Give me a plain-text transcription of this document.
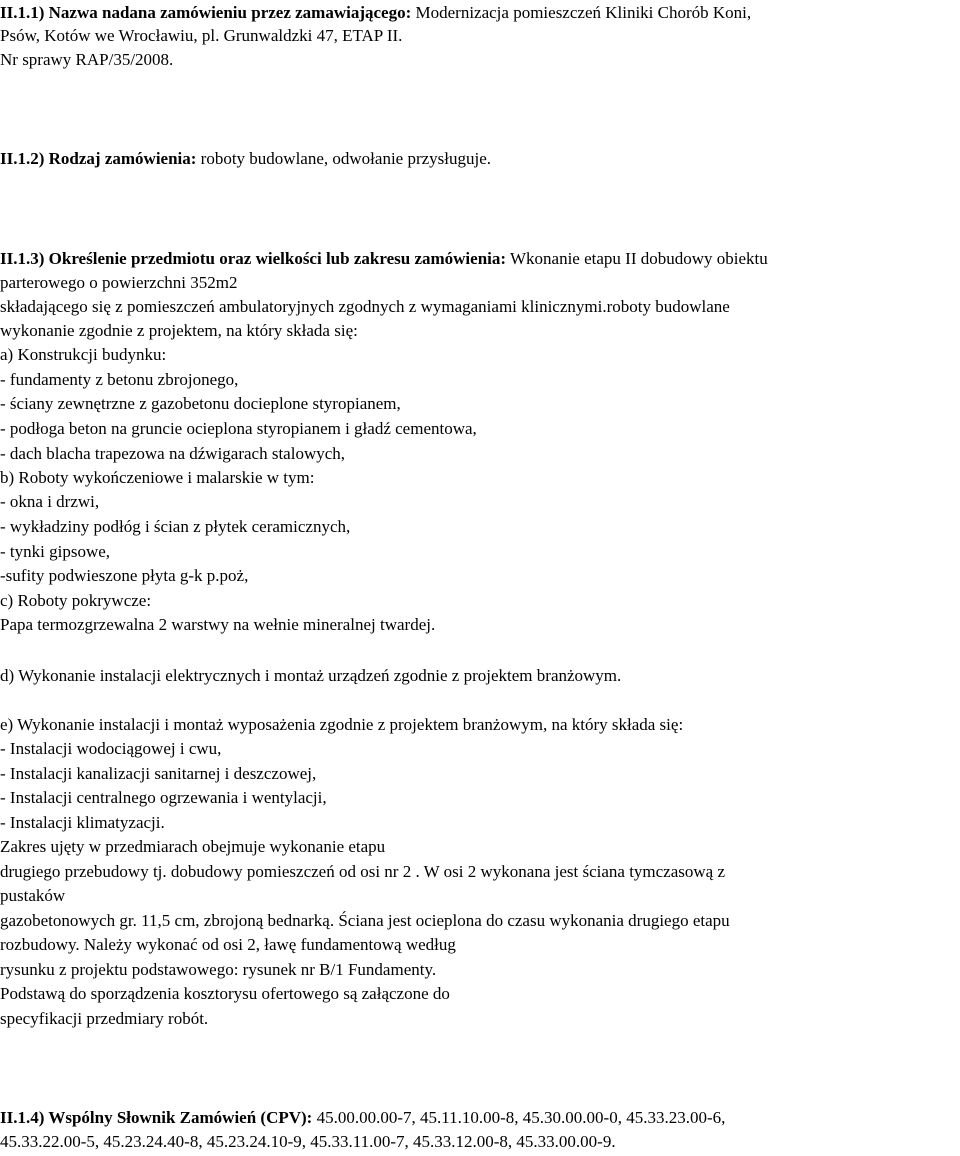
II.1.1) Nazwa nadana zamówieniu przez zamawiającego: Modernizacja pomieszczeń Kliniki Chorób Koni,
Psów, Kotów we Wrocławiu, pl. Grunwaldzki 47, ETAP II.
Nr sprawy RAP/35/2008.
II.1.2) Rodzaj zamówienia: roboty budowlane, odwołanie przysługuje.
II.1.3) Określenie przedmiotu oraz wielkości lub zakresu zamówienia: Wkonanie etapu II dobudowy obiektu
parterowego o powierzchni 352m2
składającego się z pomieszczeń ambulatoryjnych zgodnych z wymaganiami klinicznymi.roboty budowlane
wykonanie zgodnie z projektem, na który składa się:
a) Konstrukcji budynku:
- fundamenty z betonu zbrojonego,
- ściany zewnętrzne z gazobetonu docieplone styropianem,
- podłoga beton na gruncie ocieplona styropianem i gładź cementowa,
- dach blacha trapezowa na dźwigarach stalowych,
b) Roboty wykończeniowe i malarskie w tym:
- okna i drzwi,
- wykładziny podłóg i ścian z płytek ceramicznych,
- tynki gipsowe,
-sufity podwieszone płyta g-k p.poż,
c) Roboty pokrywcze:
Papa termozgrzewalna 2 warstwy na wełnie mineralnej twardej.
d) Wykonanie instalacji elektrycznych i montaż urządzeń zgodnie z projektem branżowym.
e) Wykonanie instalacji i montaż wyposażenia zgodnie z projektem branżowym, na który składa się:
- Instalacji wodociągowej i cwu,
- Instalacji kanalizacji sanitarnej i deszczowej,
- Instalacji centralnego ogrzewania i wentylacji,
- Instalacji klimatyzacji.
Zakres ujęty w przedmiarach obejmuje wykonanie etapu
drugiego przebudowy tj. dobudowy pomieszczeń od osi nr 2 . W osi 2 wykonana jest ściana tymczasową z
pustaków
gazobetonowych gr. 11,5 cm, zbrojoną bednarką. Ściana jest ocieplona do czasu wykonania drugiego etapu
rozbudowy. Należy wykonać od osi 2, ławę fundamentową według
rysunku z projektu podstawowego: rysunek nr B/1 Fundamenty.
Podstawą do sporządzenia kosztorysu ofertowego są załączone do
specyfikacji przedmiary robót.
II.1.4) Wspólny Słownik Zamówień (CPV): 45.00.00.00-7, 45.11.10.00-8, 45.30.00.00-0, 45.33.23.00-6,
45.33.22.00-5, 45.23.24.40-8, 45.23.24.10-9, 45.33.11.00-7, 45.33.12.00-8, 45.33.00.00-9.
